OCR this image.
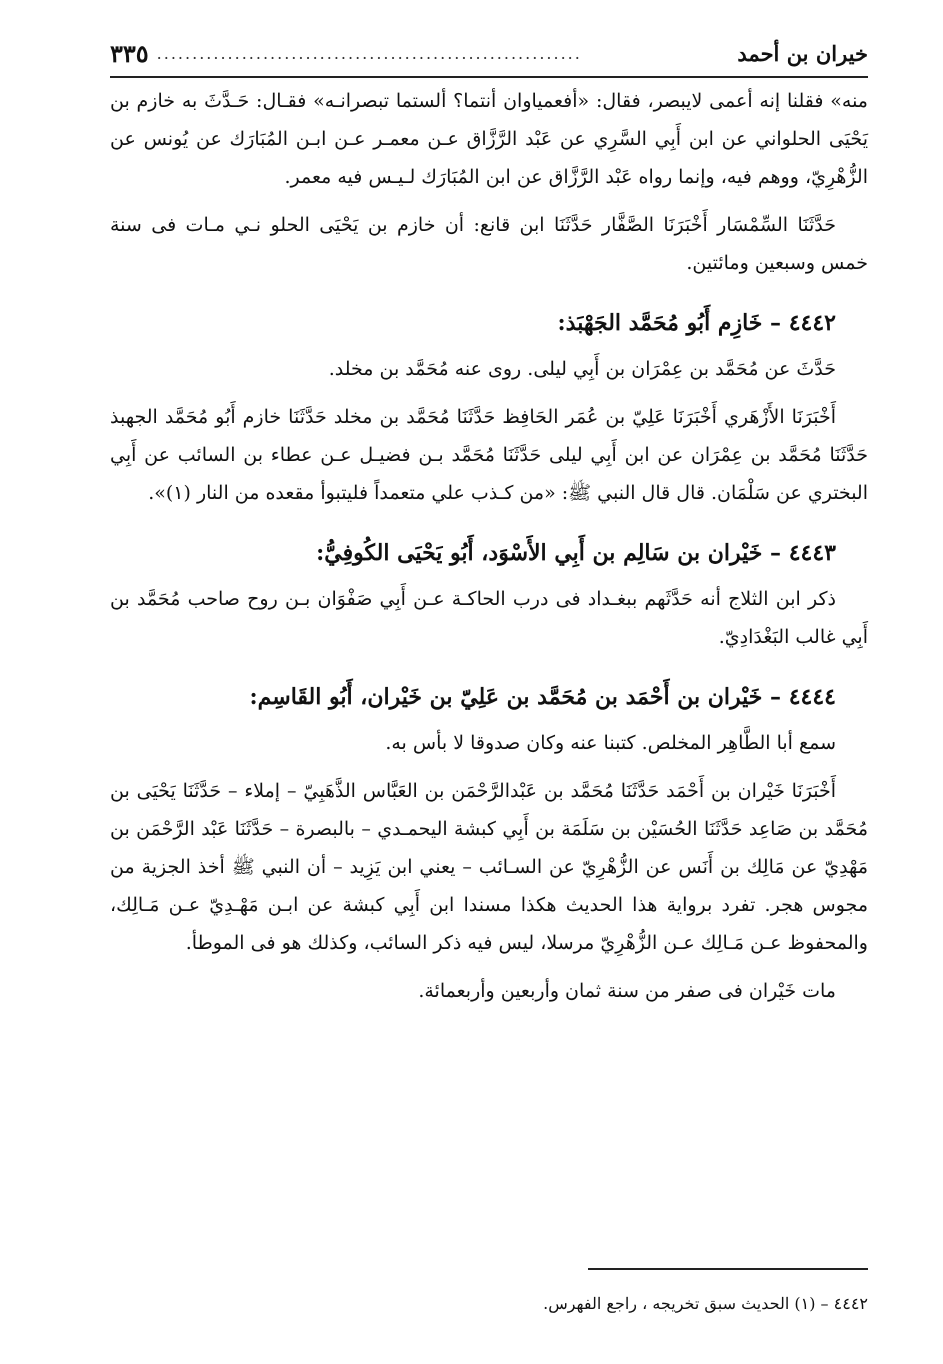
خيران بن أحمد
............................................................
٣٣٥

منه» فقلنا إنه أعمى لايبصر، فقال: «أفعمياوان أنتما؟ ألستما تبصرانـه» فقـال: حَـدَّثَ به خازم بن يَحْيَى الحلواني عن ابن أَبِي السَّرِي عن عَبْد الرَّزَّاق عـن معمـر عـن ابـن المُبَارَك عن يُونس عن الزُّهْرِيّ، ووهم فيه، وإنما رواه عَبْد الرَّزَّاق عن ابن المُبَارَك لـيـس فيه معمر.

حَدَّثَنَا السِّمْسَار أَخْبَرَنَا الصَّفَّار حَدَّثَنَا ابن قانع: أن خازم بن يَحْيَى الحلو نـي مـات فى سنة خمس وسبعين ومائتين.

٤٤٤٢ – خَازِم أَبُو مُحَمَّد الجَهْبَذ:

حَدَّثَ عن مُحَمَّد بن عِمْرَان بن أَبِي ليلى. روى عنه مُحَمَّد بن مخلد.

أَخْبَرَنَا الأَزْهَري أَخْبَرَنَا عَلِيّ بن عُمَر الحَافِظ حَدَّثَنَا مُحَمَّد بن مخلد حَدَّثَنَا خازم أَبُو مُحَمَّد الجهبذ حَدَّثَنَا مُحَمَّد بن عِمْرَان عن ابن أَبِي ليلى حَدَّثَنَا مُحَمَّد بـن فضيـل عـن عطاء بن السائب عن أَبِي البختري عن سَلْمَان. قال قال النبي ﷺ: «من كـذب علي متعمداً فليتبوأ مقعده من النار (١)».

٤٤٤٣ – خَيْران بن سَالِم بن أَبِي الأَسْوَد، أَبُو يَحْيَى الكُوفِيُّ:

ذكر ابن الثلاج أنه حَدَّثَهم ببغـداد فى درب الحاكـة عـن أَبِي صَفْوَان بـن روح صاحب مُحَمَّد بن أَبِي غالب البَغْدَادِيّ.

٤٤٤٤ – خَيْران بن أَحْمَد بن مُحَمَّد بن عَلِيّ بن خَيْران، أَبُو القَاسِم:

سمع أبا الطَّاهِر المخلص. كتبنا عنه وكان صدوقا لا بأس به.

أَخْبَرَنَا خَيْران بن أَحْمَد حَدَّثَنَا مُحَمَّد بن عَبْدالرَّحْمَن بن العَبَّاس الذَّهَبِيّ – إملاء – حَدَّثَنَا يَحْيَى بن مُحَمَّد بن صَاعِد حَدَّثَنَا الحُسَيْن بن سَلَمَة بن أَبِي كبشة اليحمـدي – بالبصرة – حَدَّثَنَا عَبْد الرَّحْمَن بن مَهْدِيّ عن مَالِك بن أَنَس عن الزُّهْرِيّ عن السـائب – يعني ابن يَزِيد – أن النبي ﷺ أخذ الجزية من مجوس هجر. تفرد برواية هذا الحديث هكذا مسندا ابن أَبِي كبشة عن ابـن مَهْـدِيّ عـن مَـالِك، والمحفوظ عـن مَـالِك عـن الزُّهْرِيّ مرسلا، ليس فيه ذكر السائب، وكذلك هو فى الموطأ.

مات خَيْران فى صفر من سنة ثمان وأربعين وأربعمائة.

٤٤٤٢ – (١) الحديث سبق تخريجه ، راجع الفهرس.
